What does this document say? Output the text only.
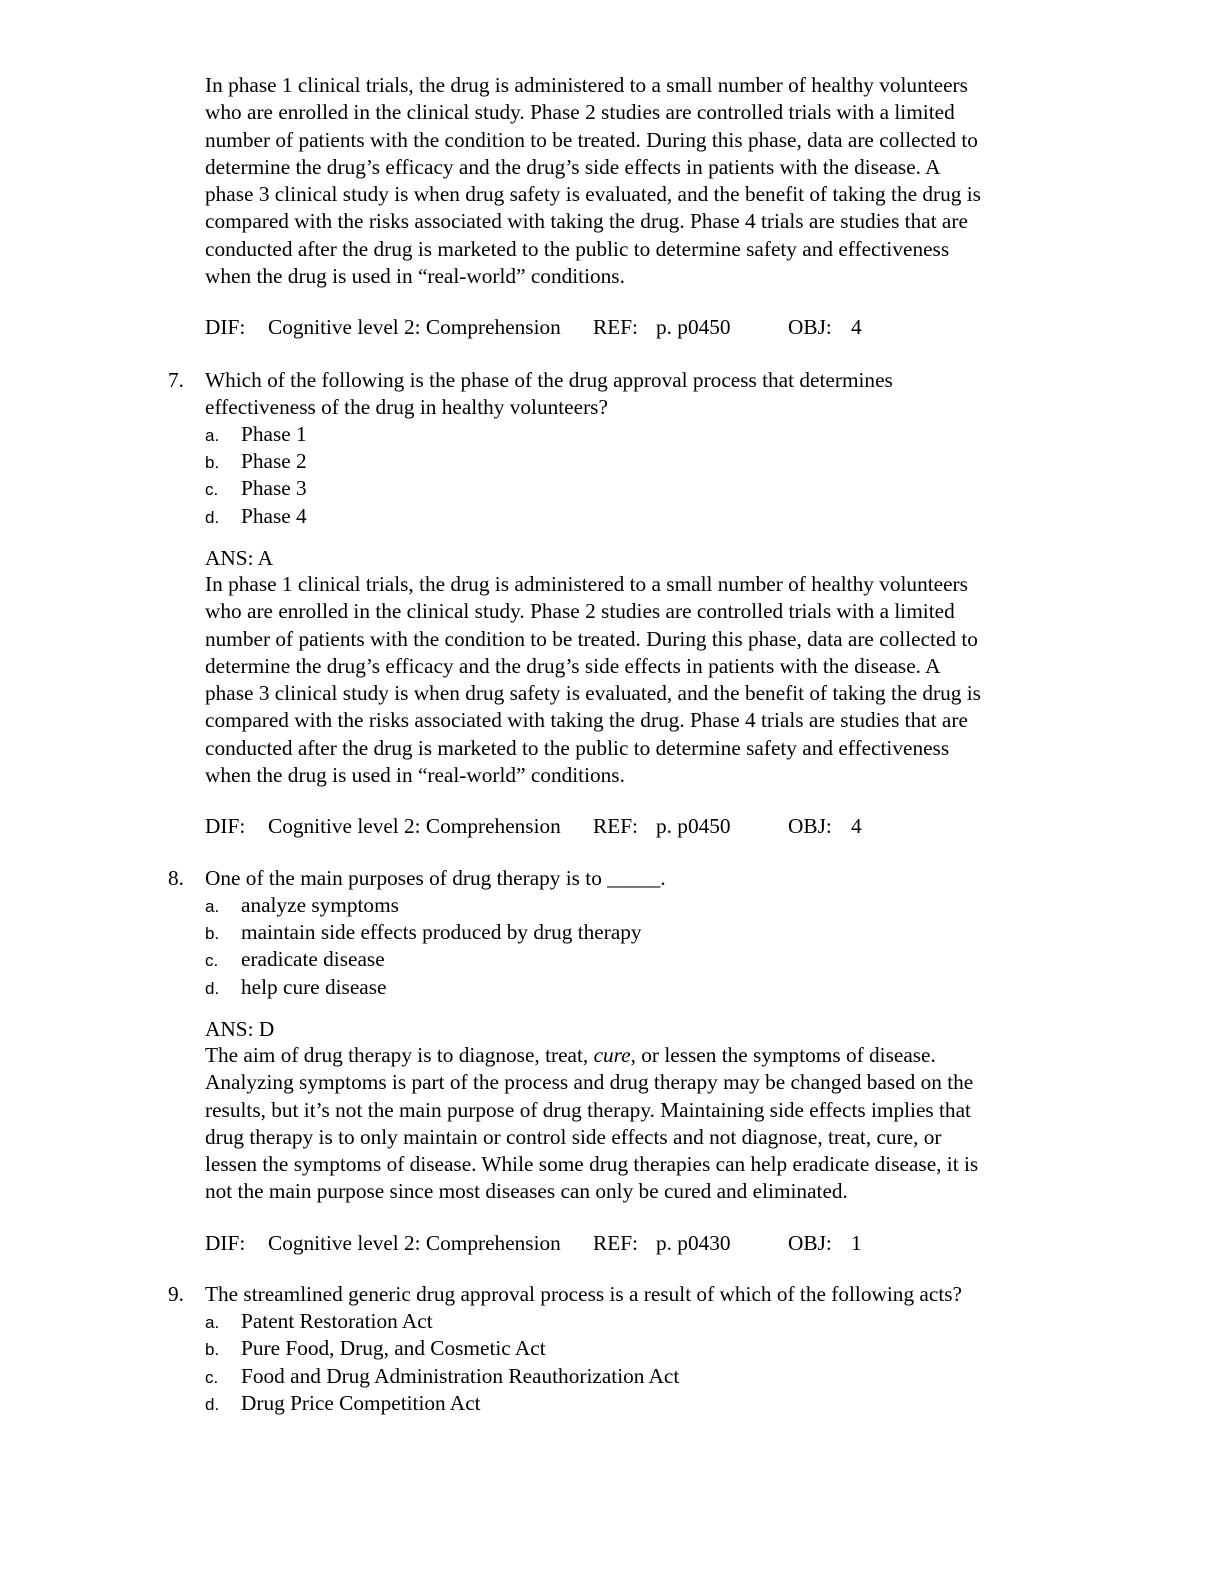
In phase 1 clinical trials, the drug is administered to a small number of healthy volunteers
who are enrolled in the clinical study. Phase 2 studies are controlled trials with a limited
number of patients with the condition to be treated. During this phase, data are collected to
determine the drug’s efficacy and the drug’s side effects in patients with the disease. A
phase 3 clinical study is when drug safety is evaluated, and the benefit of taking the drug is
compared with the risks associated with taking the drug. Phase 4 trials are studies that are
conducted after the drug is marketed to the public to determine safety and effectiveness
when the drug is used in “real-world” conditions.
DIF: Cognitive level 2: Comprehension REF: p. p0450	OBJ: 4
7. Which of the following is the phase of the drug approval process that determines
effectiveness of the drug in healthy volunteers?
a. Phase 1
b. Phase 2
c. Phase 3
d. Phase 4
ANS: A
In phase 1 clinical trials, the drug is administered to a small number of healthy volunteers
who are enrolled in the clinical study. Phase 2 studies are controlled trials with a limited
number of patients with the condition to be treated. During this phase, data are collected to
determine the drug’s efficacy and the drug’s side effects in patients with the disease. A
phase 3 clinical study is when drug safety is evaluated, and the benefit of taking the drug is
compared with the risks associated with taking the drug. Phase 4 trials are studies that are
conducted after the drug is marketed to the public to determine safety and effectiveness
when the drug is used in “real-world” conditions.
DIF: Cognitive level 2: Comprehension REF: p. p0450	OBJ: 4
8. One of the main purposes of drug therapy is to _____.
a. analyze symptoms
b. maintain side effects produced by drug therapy
c. eradicate disease
d. help cure disease
ANS: D
The aim of drug therapy is to diagnose, treat, cure, or lessen the symptoms of disease.
Analyzing symptoms is part of the process and drug therapy may be changed based on the
results, but it’s not the main purpose of drug therapy. Maintaining side effects implies that
drug therapy is to only maintain or control side effects and not diagnose, treat, cure, or
lessen the symptoms of disease. While some drug therapies can help eradicate disease, it is
not the main purpose since most diseases can only be cured and eliminated.
DIF: Cognitive level 2: Comprehension REF: p. p0430	OBJ: 1
9. The streamlined generic drug approval process is a result of which of the following acts?
a. Patent Restoration Act
b. Pure Food, Drug, and Cosmetic Act
c. Food and Drug Administration Reauthorization Act
d. Drug Price Competition Act
